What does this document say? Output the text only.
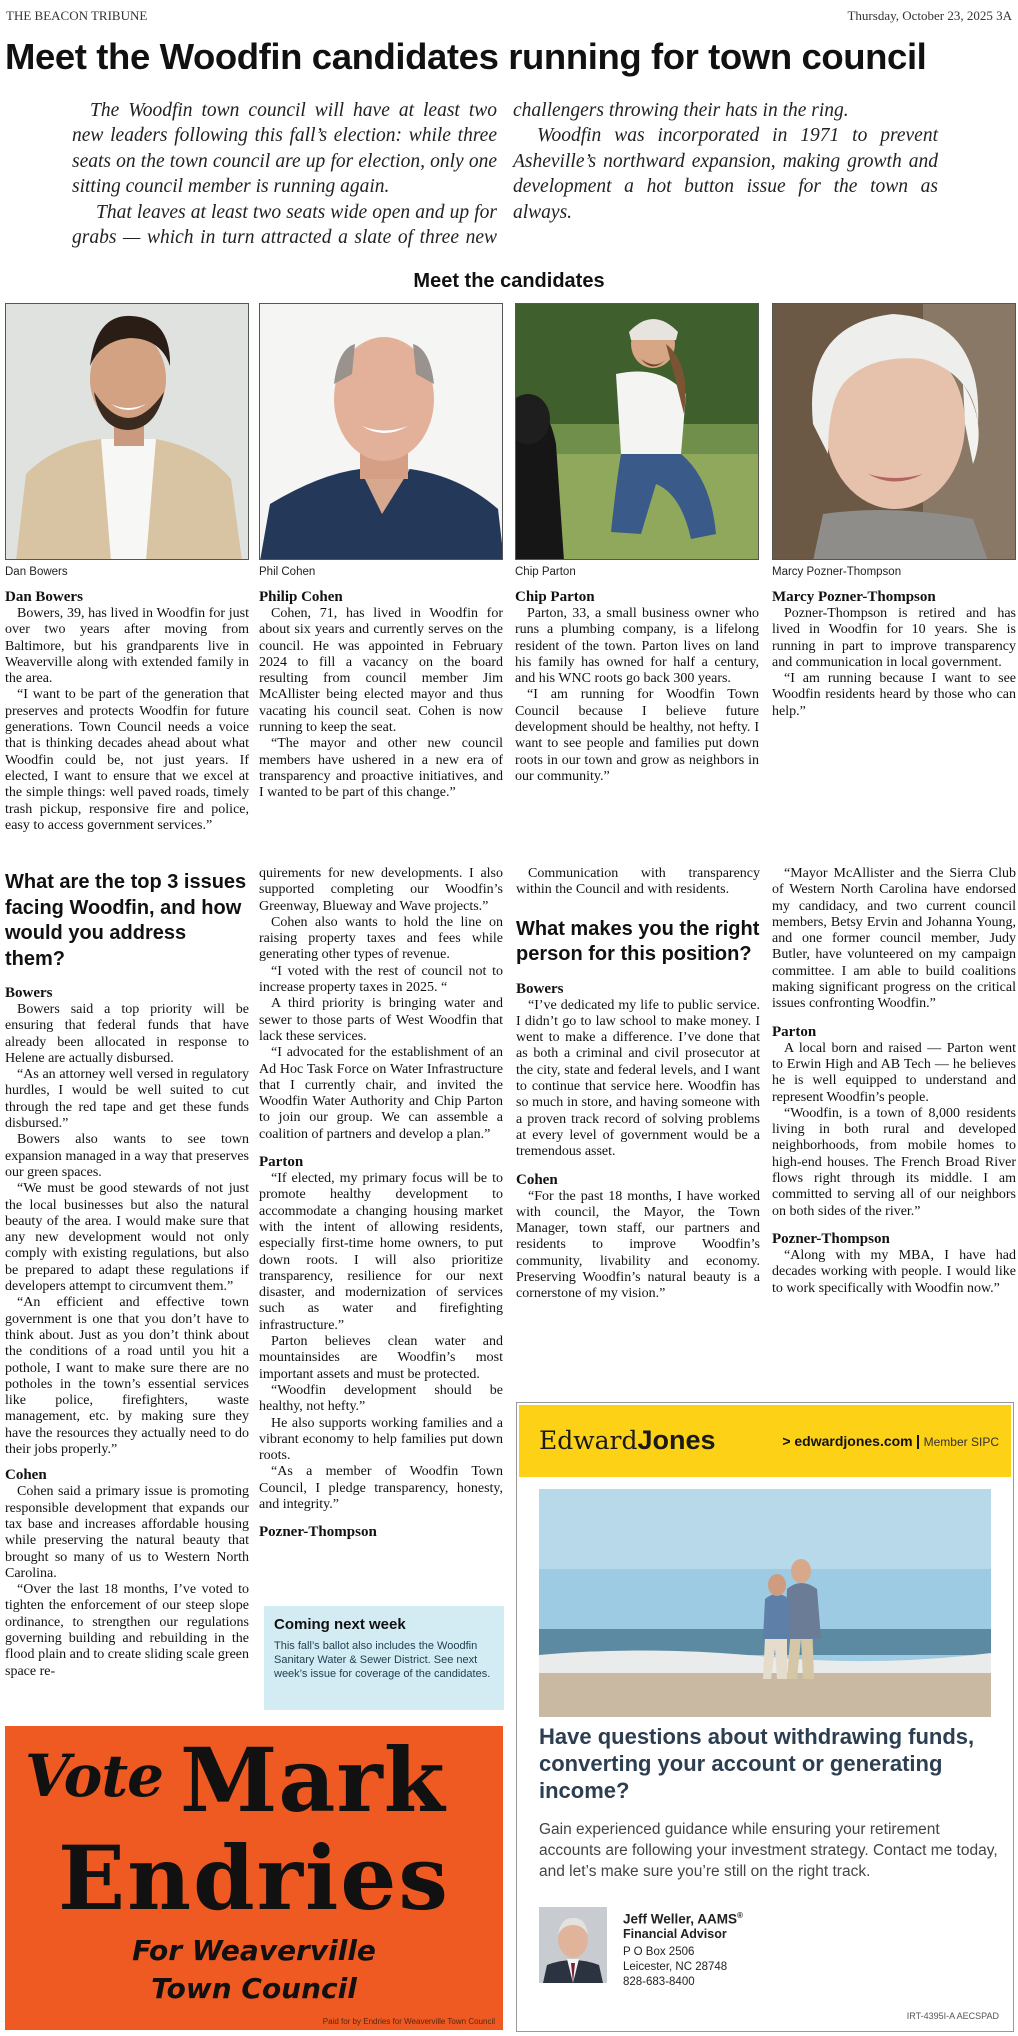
THE BEACON TRIBUNE	Thursday, October 23, 2025 3A
Meet the Woodfin candidates running for town council

The Woodfin town council will have at least two new leaders following this fall’s election: while three seats on the town council are up for election, only one sitting council member is running again.

That leaves at least two seats wide open and up for grabs — which in turn attracted a slate of three new challengers throwing their hats in the ring.

Woodfin was incorporated in 1971 to prevent Asheville’s northward expansion, making growth and development a hot button issue for the town as always.

Meet the candidates
Dan Bowers	Phil Cohen	Chip Parton	Marcy Pozner-Thompson
Dan Bowers

Bowers, 39, has lived in Woodfin for just over two years after moving from Baltimore, but his grandparents live in Weaverville along with extended family in the area.

“I want to be part of the generation that preserves and protects Woodfin for future generations. Town Council needs a voice that is thinking decades ahead about what Woodfin could be, not just years. If elected, I want to ensure that we excel at the simple things: well paved roads, timely trash pickup, responsive fire and police, easy to access government services.”

Philip Cohen

Cohen, 71, has lived in Woodfin for about six years and currently serves on the council. He was appointed in February 2024 to fill a vacancy on the board resulting from council member Jim McAllister being elected mayor and thus vacating his council seat. Cohen is now running to keep the seat.

“The mayor and other new council members have ushered in a new era of transparency and proactive initiatives, and I wanted to be part of this change.”

Chip Parton

Parton, 33, a small business owner who runs a plumbing company, is a lifelong resident of the town. Parton lives on land his family has owned for half a century, and his WNC roots go back 300 years.

“I am running for Woodfin Town Council because I believe future development should be healthy, not hefty. I want to see people and families put down roots in our town and grow as neighbors in our community.”

Marcy Pozner-Thompson

Pozner-Thompson is retired and has lived in Woodfin for 10 years. She is running in part to improve transparency and communication in local government.

“I am running because I want to see Woodfin residents heard by those who can help.”

What are the top 3 issues facing Woodfin, and how would you address them?
Bowers

Bowers said a top priority will be ensuring that federal funds that have already been allocated in response to Helene are actually disbursed.

“As an attorney well versed in regulatory hurdles, I would be well suited to cut through the red tape and get these funds disbursed.”

Bowers also wants to see town expansion managed in a way that preserves our green spaces.

“We must be good stewards of not just the local businesses but also the natural beauty of the area. I would make sure that any new development would not only comply with existing regulations, but also be prepared to adapt these regulations if developers attempt to circumvent them.”

“An efficient and effective town government is one that you don’t have to think about. Just as you don’t think about the conditions of a road until you hit a pothole, I want to make sure there are no potholes in the town’s essential services like police, firefighters, waste management, etc. by making sure they have the resources they actually need to do their jobs properly.”

Cohen

Cohen said a primary issue is promoting responsible development that expands our tax base and increases affordable housing while preserving the natural beauty that brought so many of us to Western North Carolina.

“Over the last 18 months, I’ve voted to tighten the enforcement of our steep slope ordinance, to strengthen our regulations governing building and rebuilding in the flood plain and to create sliding scale green space re-

quirements for new developments. I also supported completing our Woodfin’s Greenway, Blueway and Wave projects.”

Cohen also wants to hold the line on raising property taxes and fees while generating other types of revenue.

“I voted with the rest of council not to increase property taxes in 2025. “

A third priority is bringing water and sewer to those parts of West Woodfin that lack these services.

“I advocated for the establishment of an Ad Hoc Task Force on Water Infrastructure that I currently chair, and invited the Woodfin Water Authority and Chip Parton to join our group. We can assemble a coalition of partners and develop a plan.”

Parton

“If elected, my primary focus will be to promote healthy development to accommodate a changing housing market with the intent of allowing residents, especially first-time home owners, to put down roots. I will also prioritize transparency, resilience for our next disaster, and modernization of services such as water and firefighting infrastructure.”

Parton believes clean water and mountainsides are Woodfin’s most important assets and must be protected.

“Woodfin development should be healthy, not hefty.”

He also supports working families and a vibrant economy to help families put down roots.

“As a member of Woodfin Town Council, I pledge transparency, honesty, and integrity.”

Pozner-Thompson
Coming next week
This fall’s ballot also includes the Woodfin Sanitary Water & Sewer District. See next week’s issue for coverage of the candidates.

Communication with transparency within the Council and with residents.

What makes you the right person for this position?
Bowers

“I’ve dedicated my life to public service. I didn’t go to law school to make money. I went to make a difference. I’ve done that as both a criminal and civil prosecutor at the city, state and federal levels, and I want to continue that service here. Woodfin has so much in store, and having someone with a proven track record of solving problems at every level of government would be a tremendous asset.

Cohen

“For the past 18 months, I have worked with council, the Mayor, the Town Manager, town staff, our partners and residents to improve Woodfin’s community, livability and economy. Preserving Woodfin’s natural beauty is a cornerstone of my vision.”

“Mayor McAllister and the Sierra Club of Western North Carolina have endorsed my candidacy, and two current council members, Betsy Ervin and Johanna Young, and one former council member, Judy Butler, have volunteered on my campaign committee. I am able to build coalitions making significant progress on the critical issues confronting Woodfin.”

Parton

A local born and raised — Parton went to Erwin High and AB Tech — he believes he is well equipped to understand and represent Woodfin’s people.

“Woodfin, is a town of 8,000 residents living in both rural and developed neighborhoods, from mobile homes to high-end houses. The French Broad River flows right through its middle. I am committed to serving all of our neighbors on both sides of the river.”

Pozner-Thompson

“Along with my MBA, I have had decades working with people. I would like to work specifically with Woodfin now.”

Vote Mark
Endries
For Weaverville
Town Council
Paid for by Endries for Weaverville Town Council
EdwardJones	> edwardjones.com Member SIPC
Have questions about withdrawing funds, converting your account or generating income?
Gain experienced guidance while ensuring your retirement accounts are following your investment strategy. Contact me today, and let’s make sure you’re still on the right track.
Jeff Weller, AAMS®
Financial Advisor
P O Box 2506
Leicester, NC 28748
828-683-8400
IRT-4395I-A AECSPAD
